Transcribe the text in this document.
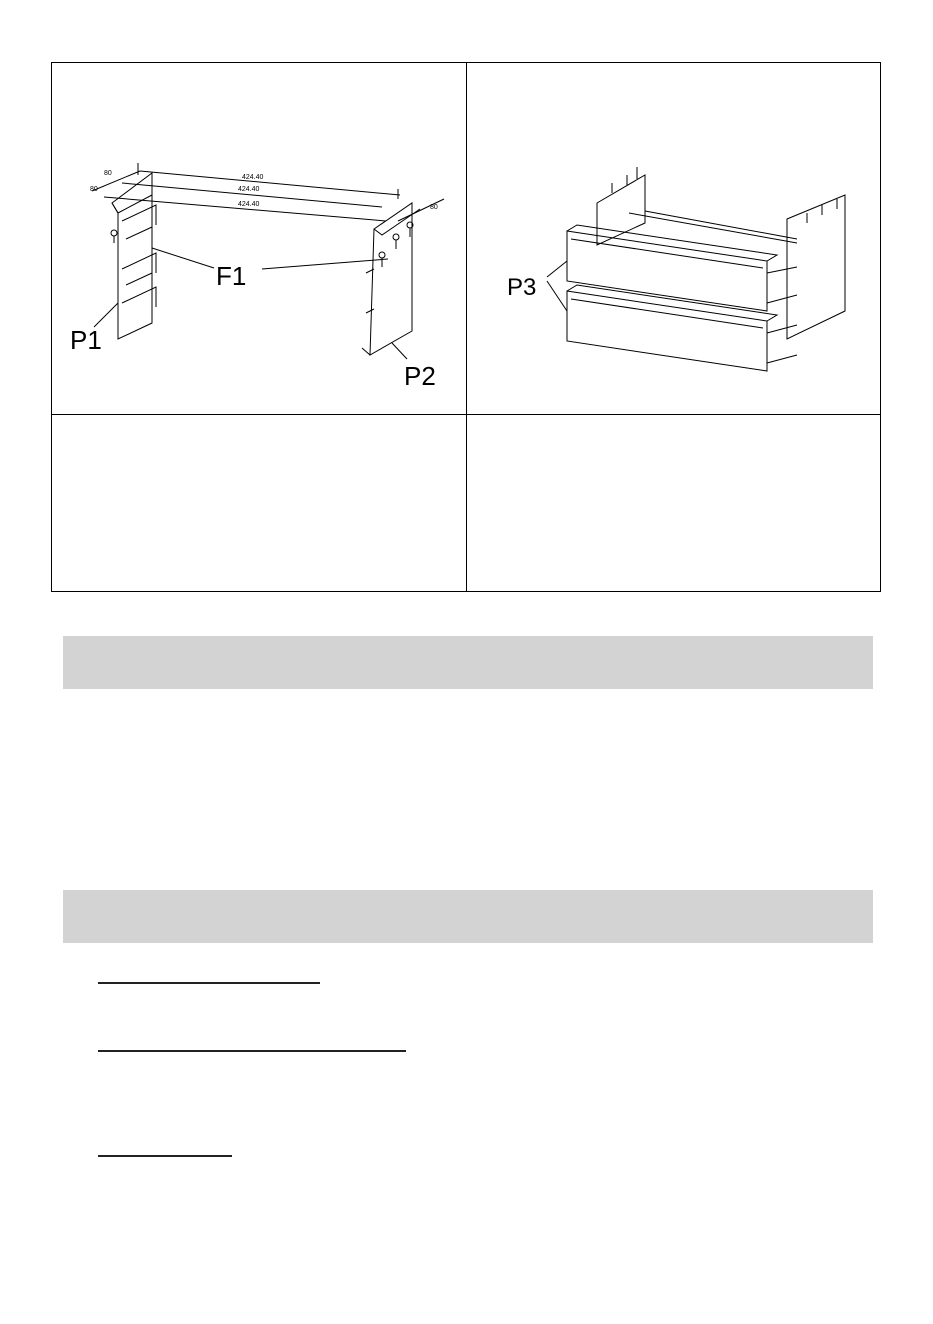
424.40
424.40
424.40
80
80
80
F1
P1
P2
P3
